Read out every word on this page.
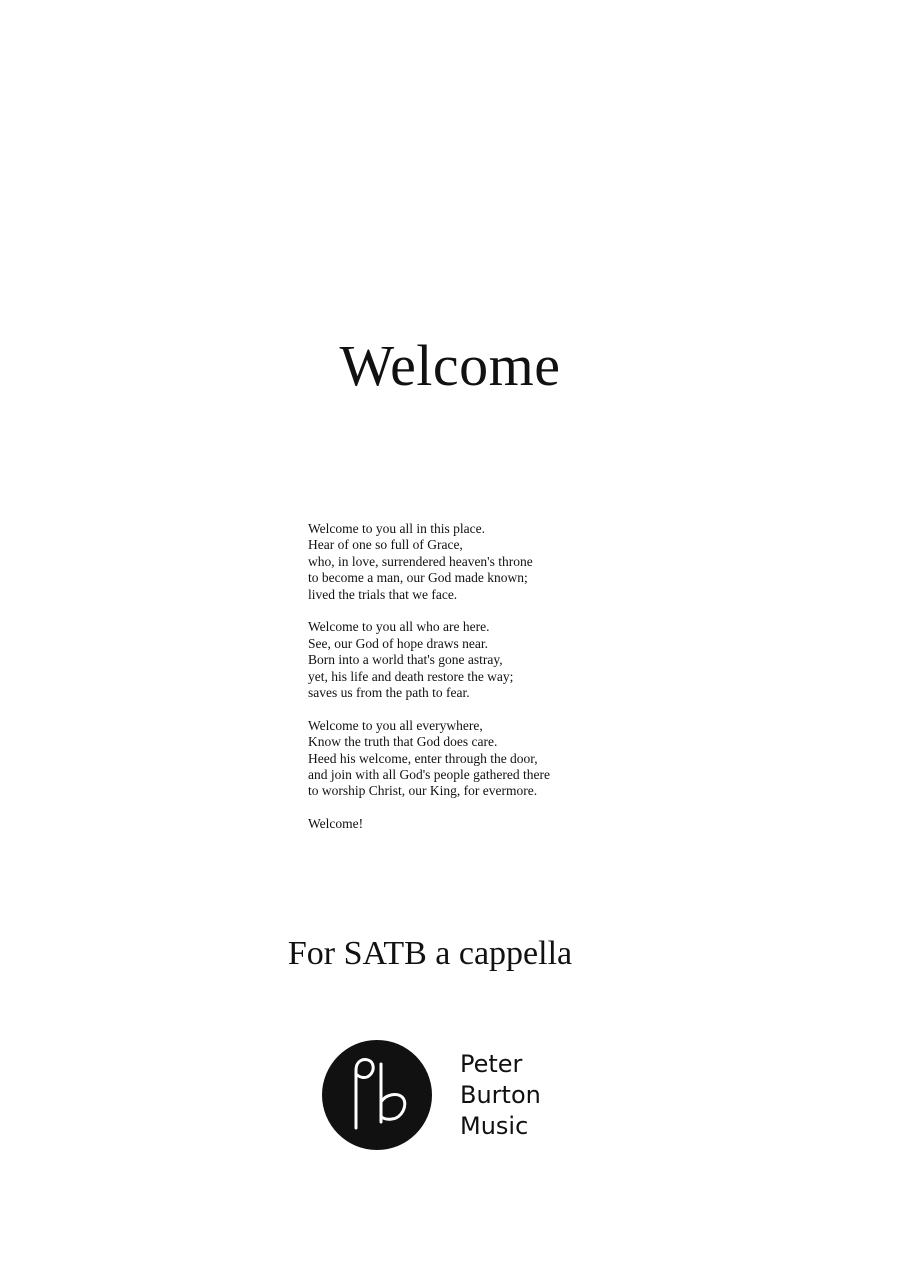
Welcome
Welcome to you all in this place.
Hear of one so full of Grace,
who, in love, surrendered heaven's throne
to become a man, our God made known;
lived the trials that we face.
Welcome to you all who are here.
See, our God of hope draws near.
Born into a world that's gone astray,
yet, his life and death restore the way;
saves us from the path to fear.
Welcome to you all everywhere,
Know the truth that God does care.
Heed his welcome, enter through the door,
and join with all God's people gathered there
to worship Christ, our King, for evermore.
Welcome!
For SATB a cappella
Peter
Burton
Music
